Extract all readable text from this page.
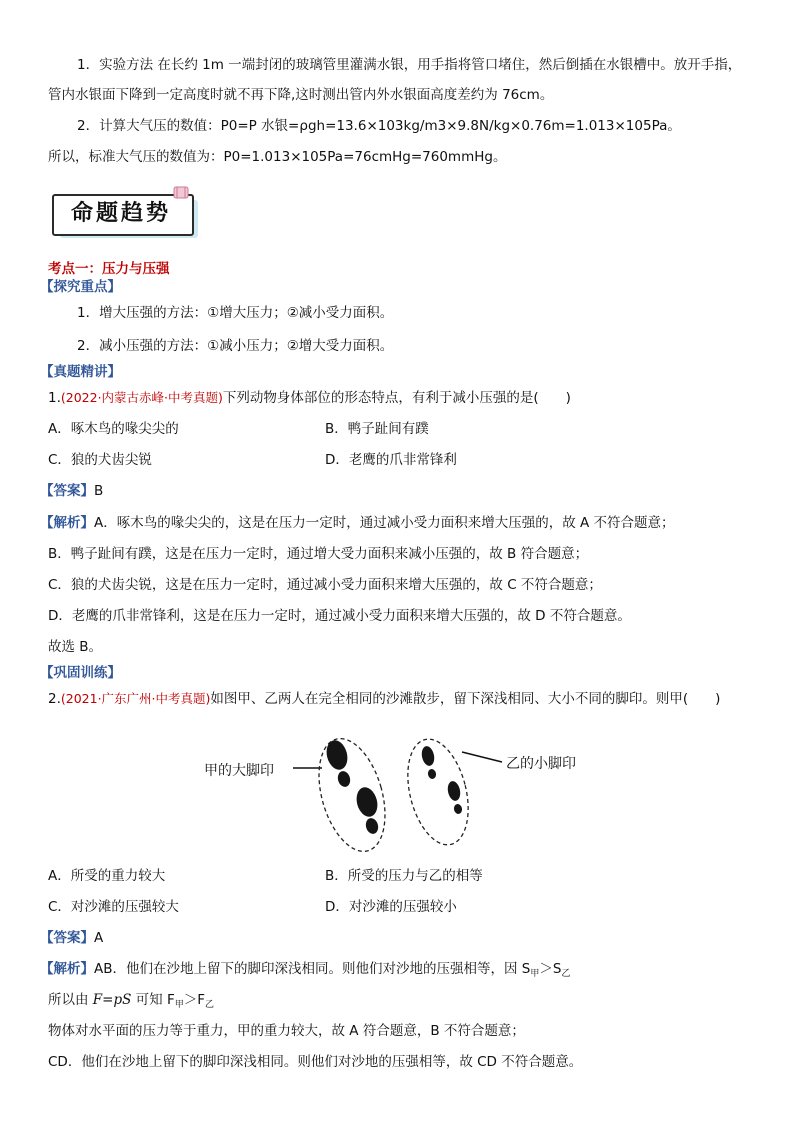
1．实验方法 在长约 1m 一端封闭的玻璃管里灌满水银，用手指将管口堵住，然后倒插在水银槽中。放开手指，
管内水银面下降到一定高度时就不再下降,这时测出管内外水银面高度差约为 76cm。
2．计算大气压的数值：P0=P 水银=ρgh=13.6×103kg/m3×9.8N/kg×0.76m=1.013×105Pa。
所以，标准大气压的数值为：P0=1.013×105Pa=76cmHg=760mmHg。
命题趋势
考点一：压力与压强
【探究重点】
1．增大压强的方法：①增大压力；②减小受力面积。
2．减小压强的方法：①减小压力；②增大受力面积。
【真题精讲】
1.(2022·内蒙古赤峰·中考真题)下列动物身体部位的形态特点，有利于减小压强的是(　　)
A．啄木鸟的喙尖尖的	B．鸭子趾间有蹼
C．狼的犬齿尖锐	D．老鹰的爪非常锋利
【答案】B
【解析】A．啄木鸟的喙尖尖的，这是在压力一定时，通过减小受力面积来增大压强的，故 A 不符合题意；
B．鸭子趾间有蹼，这是在压力一定时，通过增大受力面积来减小压强的，故 B 符合题意；
C．狼的犬齿尖锐，这是在压力一定时，通过减小受力面积来增大压强的，故 C 不符合题意；
D．老鹰的爪非常锋利，这是在压力一定时，通过减小受力面积来增大压强的，故 D 不符合题意。
故选 B。
【巩固训练】
2.(2021·广东广州·中考真题)如图甲、乙两人在完全相同的沙滩散步，留下深浅相同、大小不同的脚印。则甲(　　)
甲的大脚印	乙的小脚印
A．所受的重力较大	B．所受的压力与乙的相等
C．对沙滩的压强较大	D．对沙滩的压强较小
【答案】A
【解析】AB．他们在沙地上留下的脚印深浅相同。则他们对沙地的压强相等，因 $S_甲>S_乙$
所以由 F=pS 可知 $F_甲>F_乙$
物体对水平面的压力等于重力，甲的重力较大，故 A 符合题意，B 不符合题意；
CD．他们在沙地上留下的脚印深浅相同。则他们对沙地的压强相等，故 CD 不符合题意。
